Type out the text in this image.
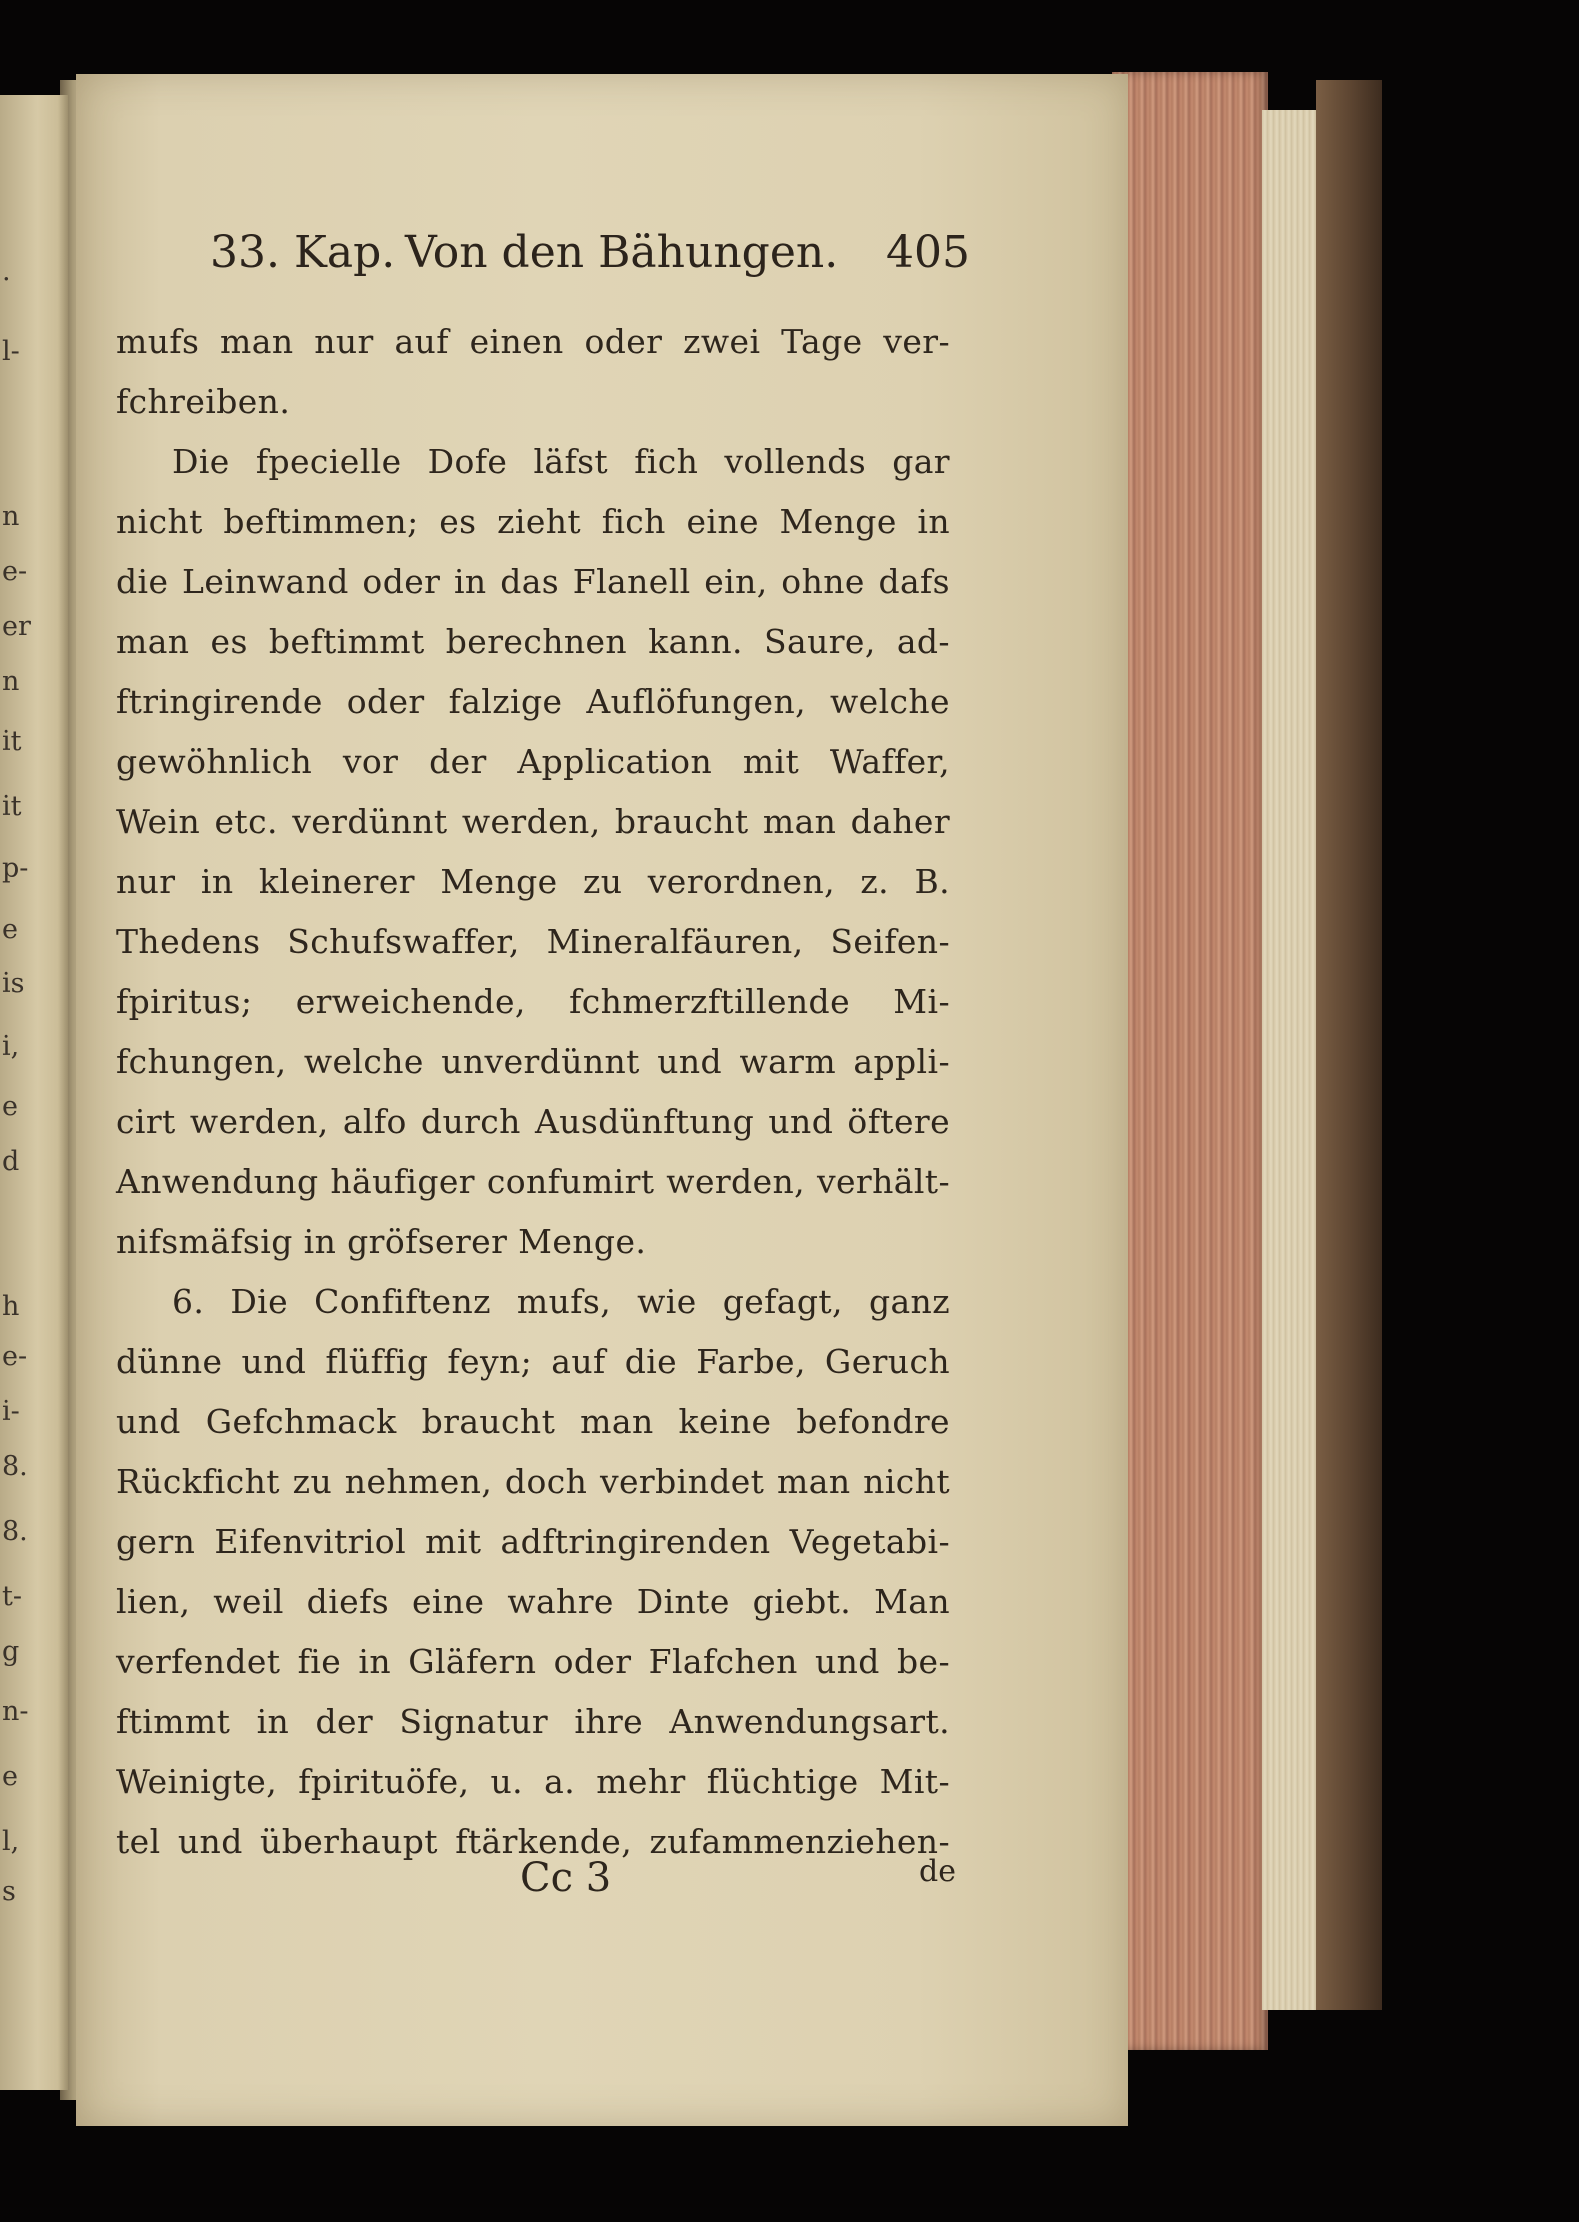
.
l-
n
e-
er
n
it
it
p-
e
is
i,
e
d
h
e-
i-
8.
8.
t-
g
n-
e
l,
s
33. Kap. Von den Bähungen. 405
mufs man nur auf einen oder zwei Tage ver-
fchreiben.
Die fpecielle Dofe läfst fich vollends gar
nicht beftimmen; es zieht fich eine Menge in
die Leinwand oder in das Flanell ein, ohne dafs
man es beftimmt berechnen kann. Saure, ad-
ftringirende oder falzige Auflöfungen, welche
gewöhnlich vor der Application mit Waffer,
Wein etc. verdünnt werden, braucht man daher
nur in kleinerer Menge zu verordnen, z. B.
Thedens Schufswaffer, Mineralfäuren, Seifen-
fpiritus; erweichende, fchmerzftillende Mi-
fchungen, welche unverdünnt und warm appli-
cirt werden, alfo durch Ausdünftung und öftere
Anwendung häufiger confumirt werden, verhält-
nifsmäfsig in gröfserer Menge.
6. Die Confiftenz mufs, wie gefagt, ganz
dünne und flüffig feyn; auf die Farbe, Geruch
und Gefchmack braucht man keine befondre
Rückficht zu nehmen, doch verbindet man nicht
gern Eifenvitriol mit adftringirenden Vegetabi-
lien, weil diefs eine wahre Dinte giebt. Man
verfendet fie in Gläfern oder Flafchen und be-
ftimmt in der Signatur ihre Anwendungsart.
Weinigte, fpirituöfe, u. a. mehr flüchtige Mit-
tel und überhaupt ftärkende, zufammenziehen-
Cc 3	de
